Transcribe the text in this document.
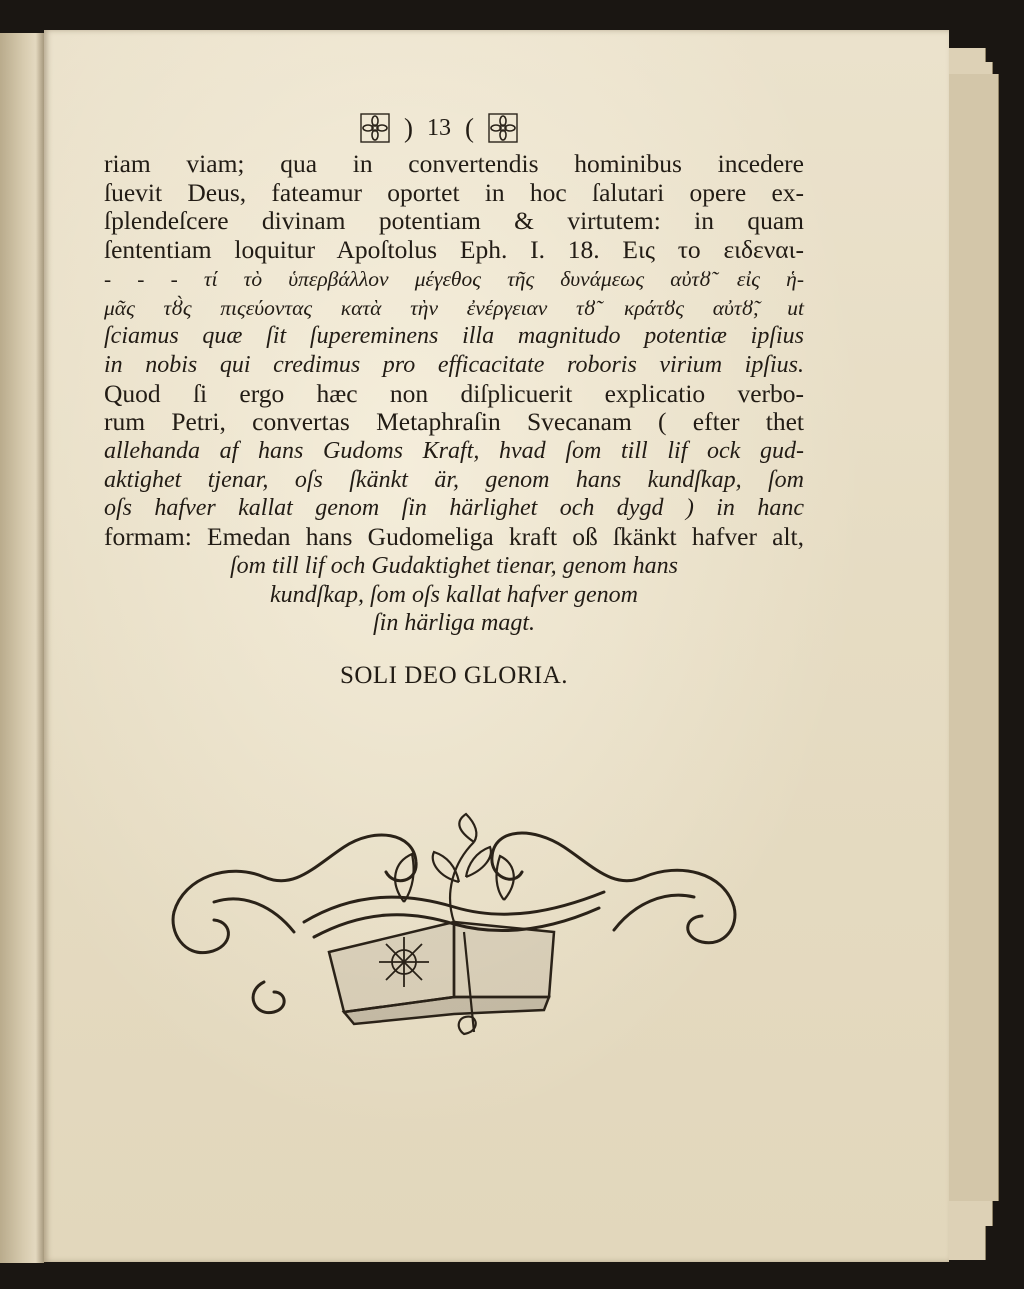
) 13 (
riam viam; qua in convertendis hominibus incedere
ſuevit Deus, fateamur oportet in hoc ſalutari opere ex-
ſplendeſcere divinam potentiam & virtutem: in quam
ſententiam loquitur Apoſtolus Eph. I. 18. Εις το ειδεναι-
- - - τί τὸ ὑπερβάλλον μέγεθος τῆς δυνάμεως αὐτȣ̃ εἰς ἡ-
μᾶς τȣ̀ς πιςεύοντας κατὰ τὴν ἐνέργειαν τȣ̃ κράτȣς αὐτȣ̃, ut
ſciamus quæ ſit ſupereminens illa magnitudo potentiæ ipſius
in nobis qui credimus pro efficacitate roboris virium ipſius.
Quod ſi ergo hæc non diſplicuerit explicatio verbo-
rum Petri, convertas Metaphraſin Svecanam ( efter thet
allehanda af hans Gudoms Kraft, hvad ſom till lif ock gud-
aktighet tjenar, oſs ſkänkt är, genom hans kundſkap, ſom
oſs hafver kallat genom ſin härlighet och dygd ) in hanc
formam: Emedan hans Gudomeliga kraft oß ſkänkt hafver alt,
ſom till lif och Gudaktighet tienar, genom hans
kundſkap, ſom oſs kallat hafver genom
ſin härliga magt.
SOLI DEO GLORIA.
